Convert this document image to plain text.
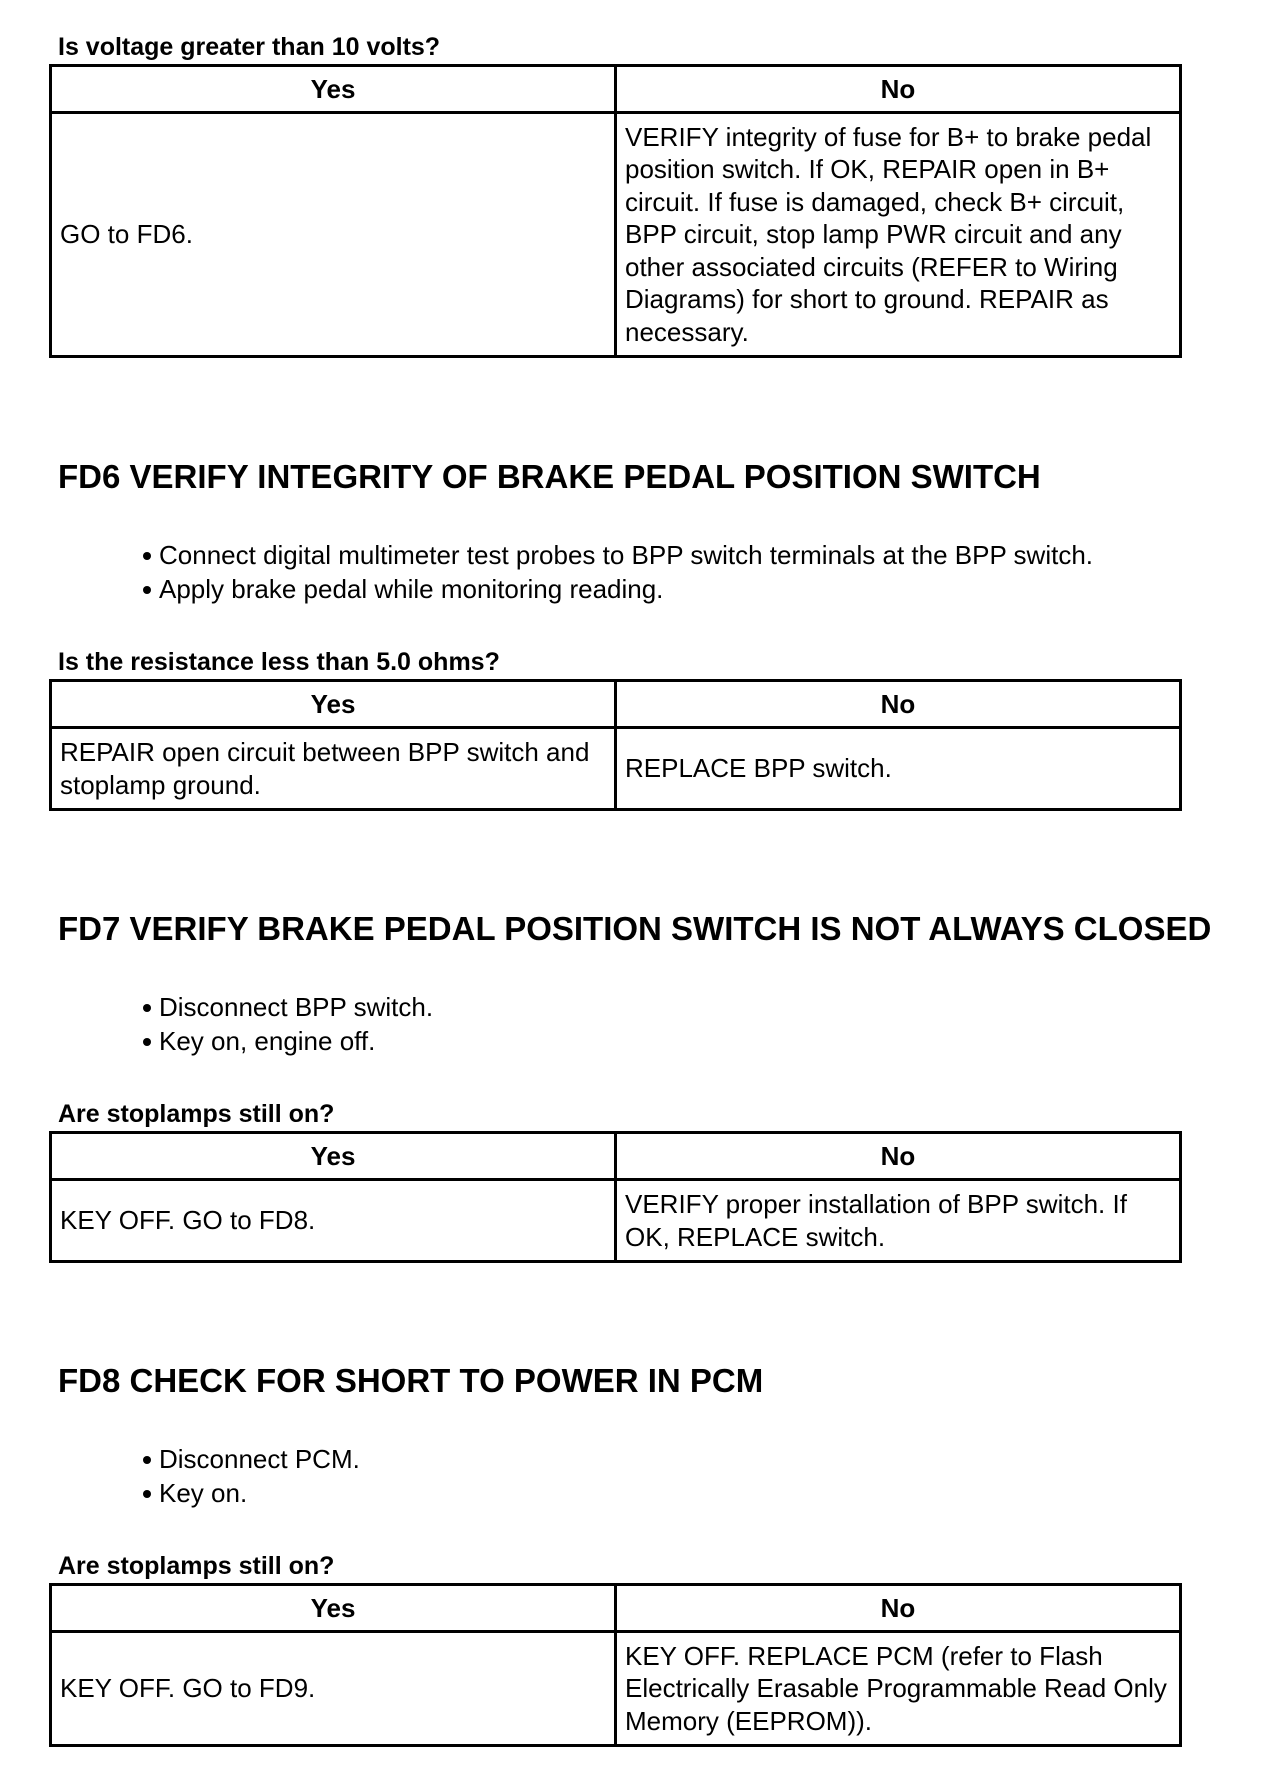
Is voltage greater than 10 volts?
Yes	No
GO to FD6.	VERIFY integrity of fuse for B+ to brake pedal position switch. If OK, REPAIR open in B+ circuit. If fuse is damaged, check B+ circuit, BPP circuit, stop lamp PWR circuit and any other associated circuits (REFER to Wiring Diagrams) for short to ground. REPAIR as necessary.
FD6 VERIFY INTEGRITY OF BRAKE PEDAL POSITION SWITCH
Connect digital multimeter test probes to BPP switch terminals at the BPP switch.
Apply brake pedal while monitoring reading.
Is the resistance less than 5.0 ohms?
Yes	No
REPAIR open circuit between BPP switch and stoplamp ground.	REPLACE BPP switch.
FD7 VERIFY BRAKE PEDAL POSITION SWITCH IS NOT ALWAYS CLOSED
Disconnect BPP switch.
Key on, engine off.
Are stoplamps still on?
Yes	No
KEY OFF. GO to FD8.	VERIFY proper installation of BPP switch. If OK, REPLACE switch.
FD8 CHECK FOR SHORT TO POWER IN PCM
Disconnect PCM.
Key on.
Are stoplamps still on?
Yes	No
KEY OFF. GO to FD9.	KEY OFF. REPLACE PCM (refer to Flash Electrically Erasable Programmable Read Only Memory (EEPROM)).
